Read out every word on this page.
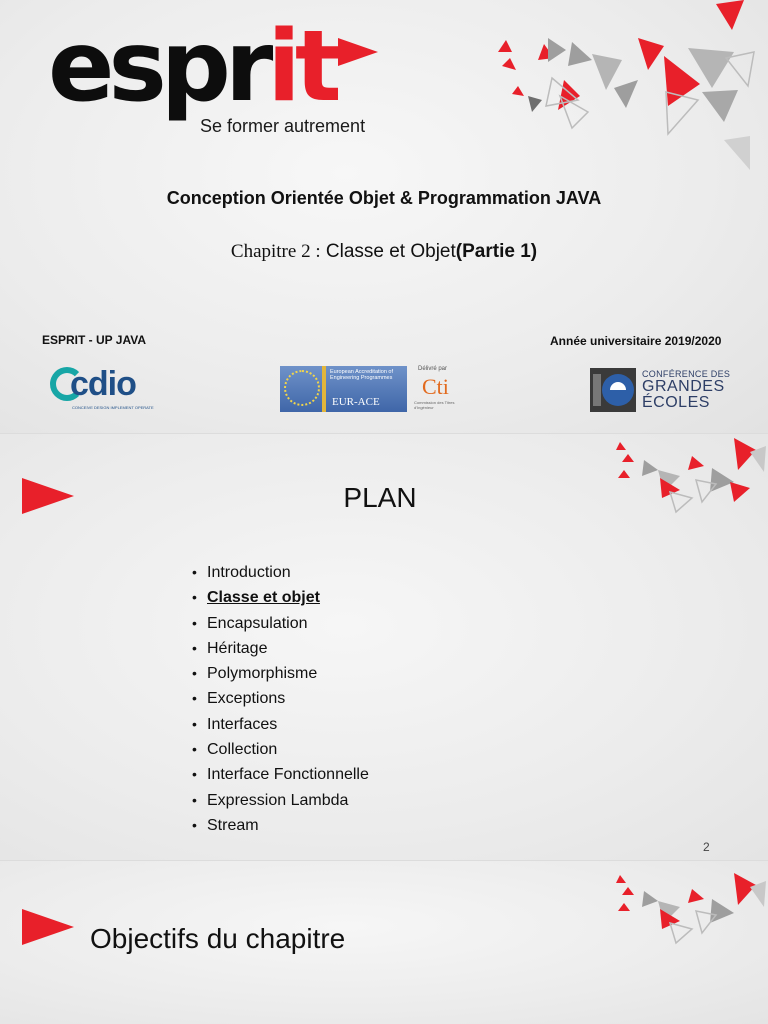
esprit
Se former autrement
Conception Orientée Objet & Programmation JAVA
Chapitre 2 : Classe et Objet(Partie 1)
ESPRIT - UP JAVA	Année universitaire 2019/2020
cdio
CONCEIVE DESIGN IMPLEMENT OPERATE
European Accreditation of Engineering Programmes
EUR-ACE
Délivré par
Cti
Commission des Titres d'Ingénieur
CONFÉRENCE DES
GRANDES
ÉCOLES
PLAN
• Introduction
• Classe et objet
• Encapsulation
• Héritage
• Polymorphisme
• Exceptions
• Interfaces
• Collection
• Interface Fonctionnelle
• Expression Lambda
• Stream
2
Objectifs du chapitre
